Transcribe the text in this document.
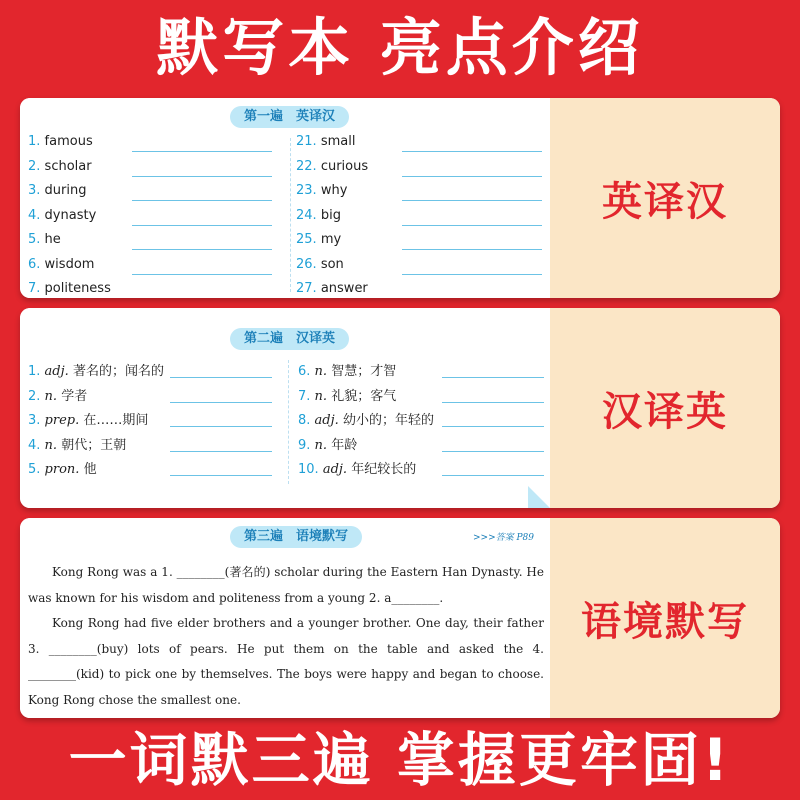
默写本 亮点介绍
第一遍　英译汉
1. famous
2. scholar
3. during
4. dynasty
5. he
6. wisdom
7. politeness
21. small
22. curious
23. why
24. big
25. my
26. son
27. answer
英译汉
第二遍　汉译英
1. adj. 著名的；闻名的
2. n. 学者
3. prep. 在……期间
4. n. 朝代；王朝
5. pron. 他
6. n. 智慧；才智
7. n. 礼貌；客气
8. adj. 幼小的；年轻的
9. n. 年龄
10. adj. 年纪较长的
汉译英
第三遍　语境默写	>>>答案 P89

Kong Rong was a 1. ________(著名的) scholar during the Eastern Han Dynasty. He was known for his wisdom and politeness from a young 2. a________.

Kong Rong had five elder brothers and a younger brother. One day, their father 3. ________(buy) lots of pears. He put them on the table and asked the 4. ________(kid) to pick one by themselves. The boys were happy and began to choose. Kong Rong chose the smallest one.

语境默写
一词默三遍 掌握更牢固!
